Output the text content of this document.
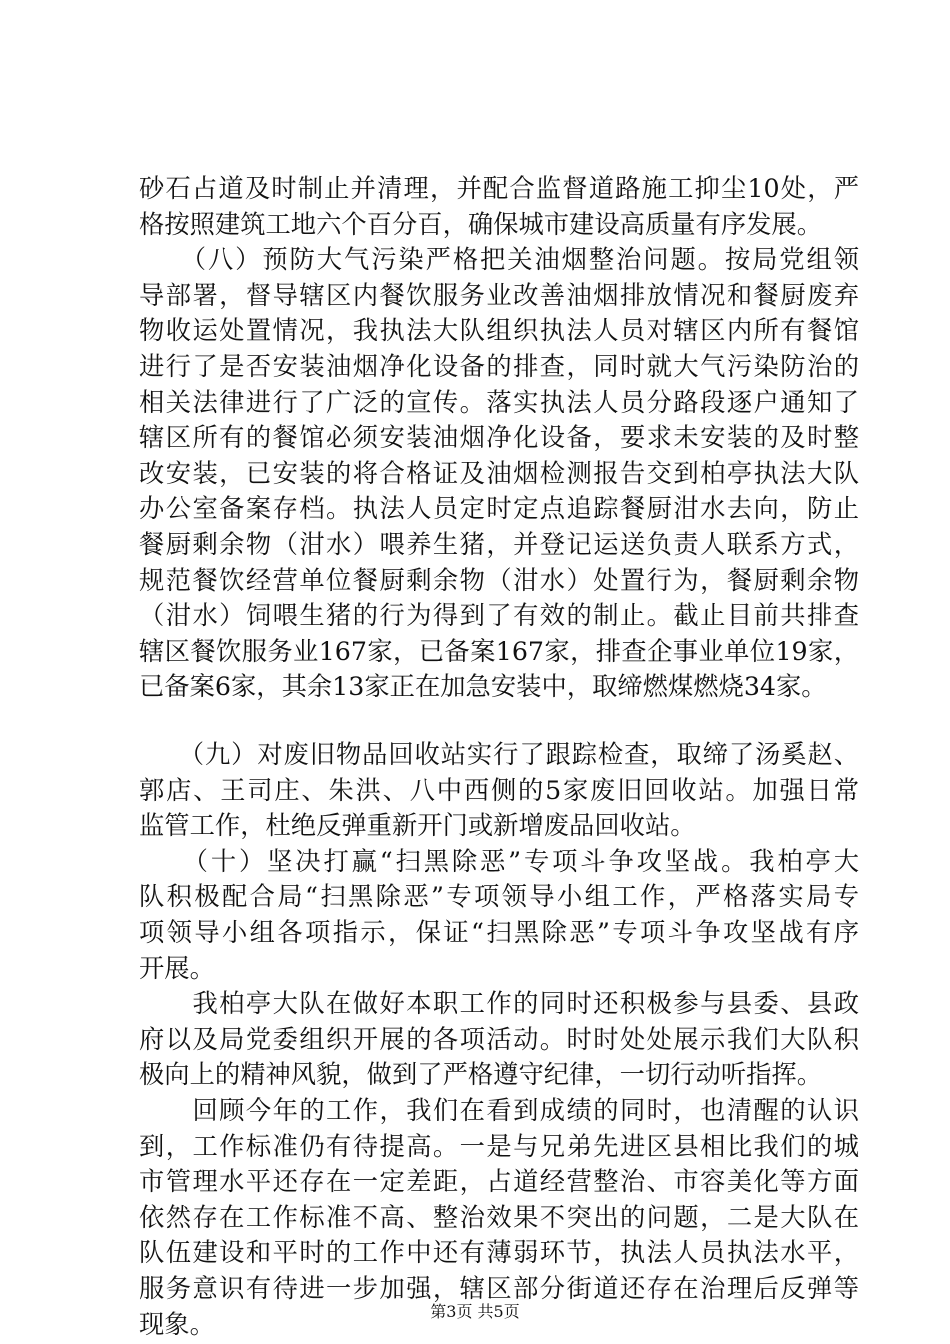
砂石占道及时制止并清理，并配合监督道路施工抑尘10处，严
格按照建筑工地六个百分百，确保城市建设高质量有序发展。
　　（八）预防大气污染严格把关油烟整治问题。按局党组领
导部署，督导辖区内餐饮服务业改善油烟排放情况和餐厨废弃
物收运处置情况，我执法大队组织执法人员对辖区内所有餐馆
进行了是否安装油烟净化设备的排查，同时就大气污染防治的
相关法律进行了广泛的宣传。落实执法人员分路段逐户通知了
辖区所有的餐馆必须安装油烟净化设备，要求未安装的及时整
改安装，已安装的将合格证及油烟检测报告交到柏亭执法大队
办公室备案存档。执法人员定时定点追踪餐厨泔水去向，防止
餐厨剩余物（泔水）喂养生猪，并登记运送负责人联系方式，
规范餐饮经营单位餐厨剩余物（泔水）处置行为，餐厨剩余物
（泔水）饲喂生猪的行为得到了有效的制止。截止目前共排查
辖区餐饮服务业167家，已备案167家，排查企事业单位19家，
已备案6家，其余13家正在加急安装中，取缔燃煤燃烧34家。
　　（九）对废旧物品回收站实行了跟踪检查，取缔了汤奚赵、
郭店、王司庄、朱洪、八中西侧的5家废旧回收站。加强日常
监管工作，杜绝反弹重新开门或新增废品回收站。
　　（十）坚决打赢“扫黑除恶”专项斗争攻坚战。我柏亭大
队积极配合局“扫黑除恶”专项领导小组工作，严格落实局专
项领导小组各项指示，保证“扫黑除恶”专项斗争攻坚战有序
开展。
　　我柏亭大队在做好本职工作的同时还积极参与县委、县政
府以及局党委组织开展的各项活动。时时处处展示我们大队积
极向上的精神风貌，做到了严格遵守纪律，一切行动听指挥。
　　回顾今年的工作，我们在看到成绩的同时，也清醒的认识
到，工作标准仍有待提高。一是与兄弟先进区县相比我们的城
市管理水平还存在一定差距，占道经营整治、市容美化等方面
依然存在工作标准不高、整治效果不突出的问题，二是大队在
队伍建设和平时的工作中还有薄弱环节，执法人员执法水平，
服务意识有待进一步加强，辖区部分街道还存在治理后反弹等
现象。	第3页 共5页
